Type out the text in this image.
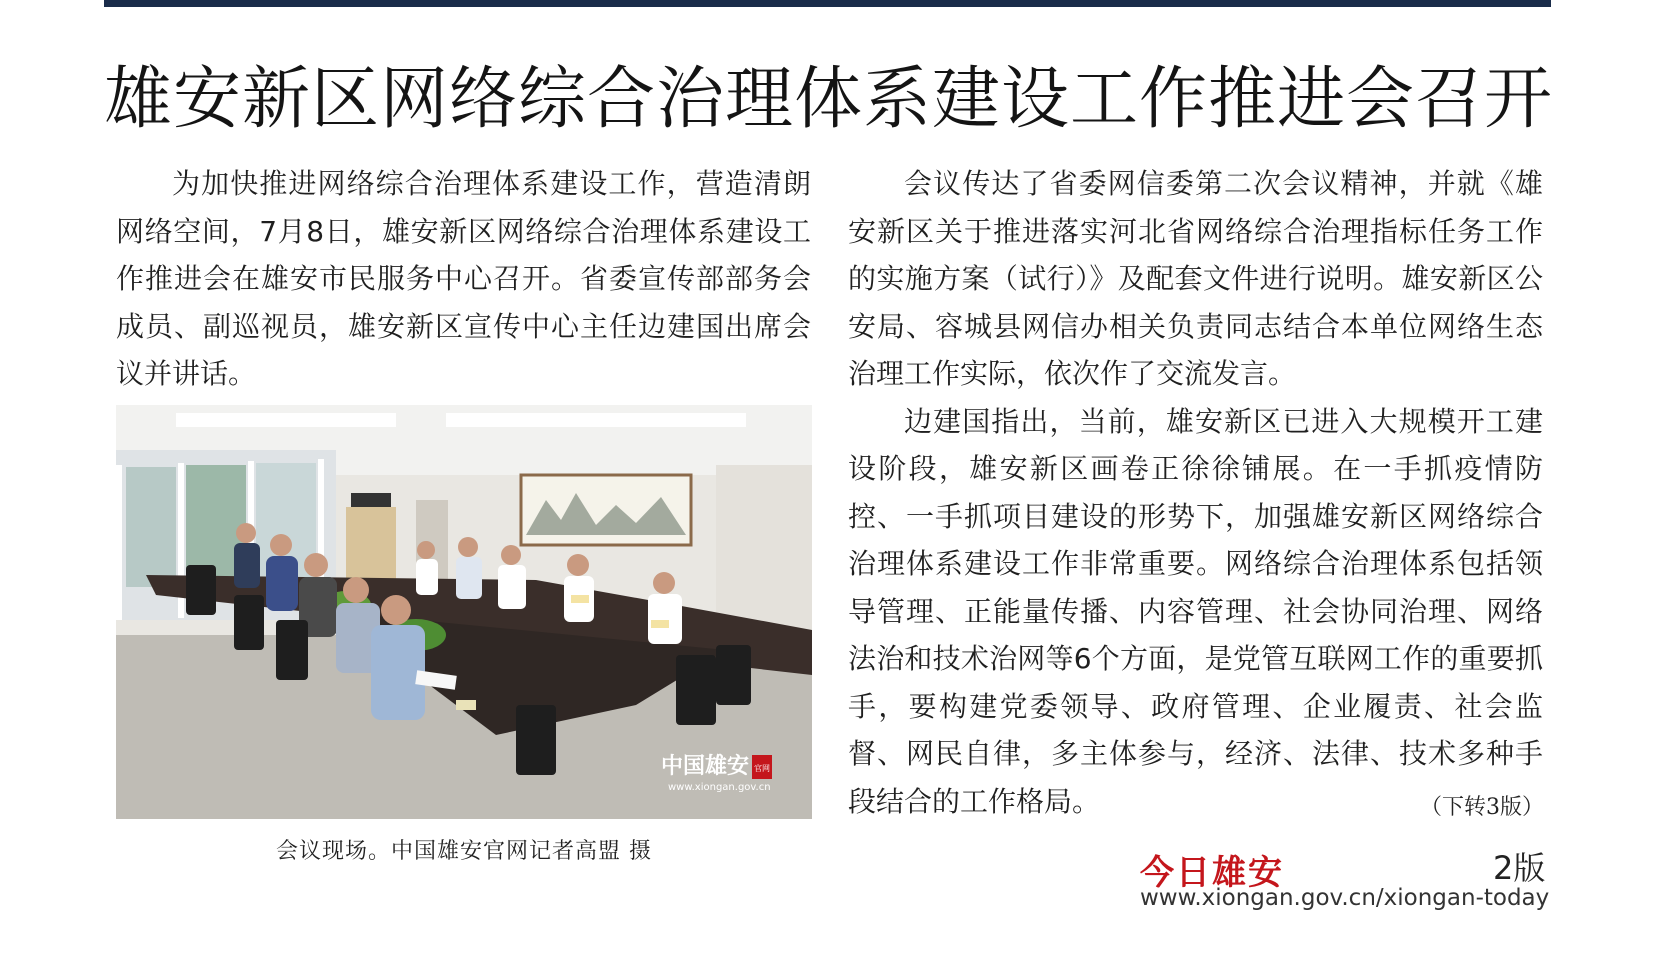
雄安新区网络综合治理体系建设工作推进会召开

为加快推进网络综合治理体系建设工作，营造清朗网络空间，7月8日，雄安新区网络综合治理体系建设工作推进会在雄安市民服务中心召开。省委宣传部部务会成员、副巡视员，雄安新区宣传中心主任边建国出席会议并讲话。

中国雄安 官网
www.xiongan.gov.cn
会议现场。中国雄安官网记者高盟 摄

会议传达了省委网信委第二次会议精神，并就《雄安新区关于推进落实河北省网络综合治理指标任务工作的实施方案（试行）》及配套文件进行说明。雄安新区公安局、容城县网信办相关负责同志结合本单位网络生态治理工作实际，依次作了交流发言。

边建国指出，当前，雄安新区已进入大规模开工建设阶段，雄安新区画卷正徐徐铺展。在一手抓疫情防控、一手抓项目建设的形势下，加强雄安新区网络综合治理体系建设工作非常重要。网络综合治理体系包括领导管理、正能量传播、内容管理、社会协同治理、网络法治和技术治网等6个方面，是党管互联网工作的重要抓手，要构建党委领导、政府管理、企业履责、社会监督、网民自律，多主体参与，经济、法律、技术多种手段结合的工作格局。	（下转3版）
今日雄安	2版
www.xiongan.gov.cn/xiongan-today
